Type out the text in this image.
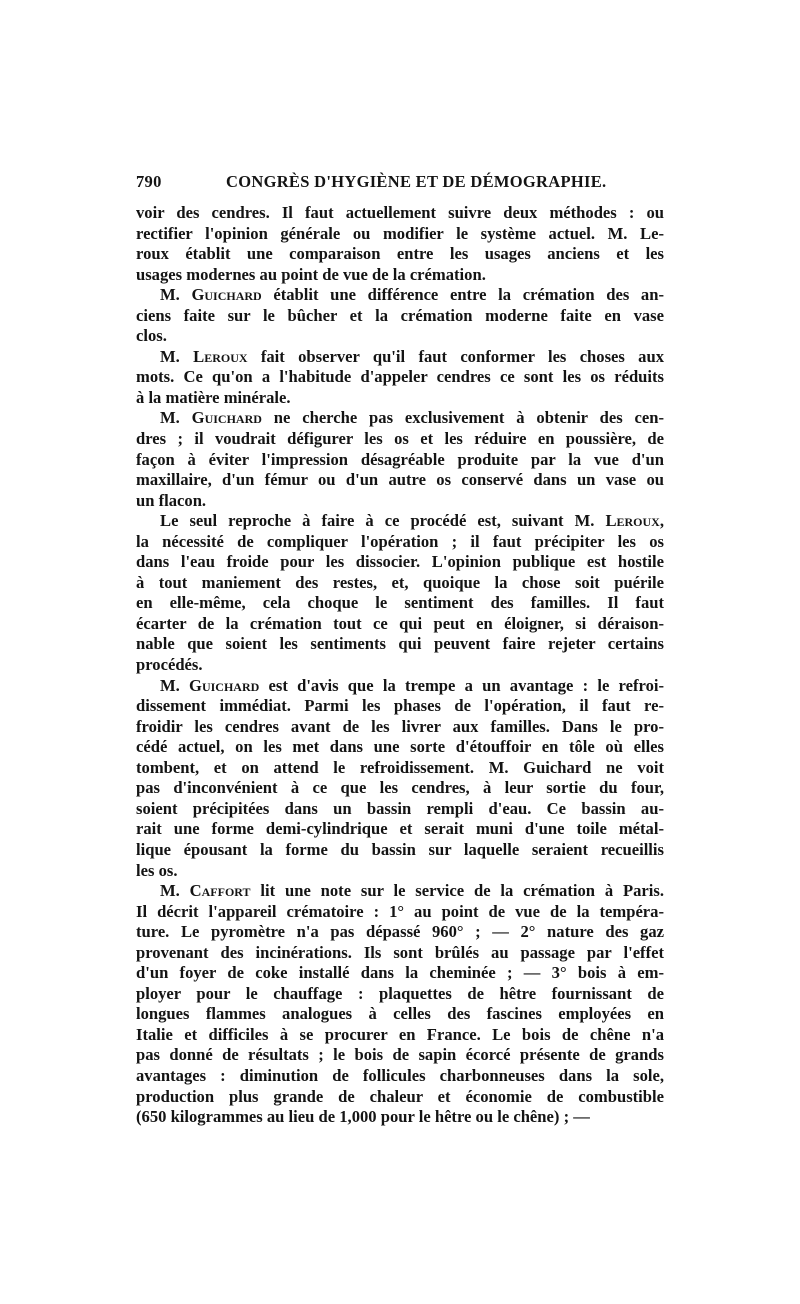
790	CONGRÈS D'HYGIÈNE ET DE DÉMOGRAPHIE.

voir des cendres. Il faut actuellement suivre deux méthodes : ou
rectifier l'opinion générale ou modifier le système actuel. M. Le-
roux établit une comparaison entre les usages anciens et les
usages modernes au point de vue de la crémation.

M. Guichard établit une différence entre la crémation des an-
ciens faite sur le bûcher et la crémation moderne faite en vase
clos.

M. Leroux fait observer qu'il faut conformer les choses aux
mots. Ce qu'on a l'habitude d'appeler cendres ce sont les os réduits
à la matière minérale.

M. Guichard ne cherche pas exclusivement à obtenir des cen-
dres ; il voudrait défigurer les os et les réduire en poussière, de
façon à éviter l'impression désagréable produite par la vue d'un
maxillaire, d'un fémur ou d'un autre os conservé dans un vase ou
un flacon.

Le seul reproche à faire à ce procédé est, suivant M. Leroux,
la nécessité de compliquer l'opération ; il faut précipiter les os
dans l'eau froide pour les dissocier. L'opinion publique est hostile
à tout maniement des restes, et, quoique la chose soit puérile
en elle-même, cela choque le sentiment des familles. Il faut
écarter de la crémation tout ce qui peut en éloigner, si déraison-
nable que soient les sentiments qui peuvent faire rejeter certains
procédés.

M. Guichard est d'avis que la trempe a un avantage : le refroi-
dissement immédiat. Parmi les phases de l'opération, il faut re-
froidir les cendres avant de les livrer aux familles. Dans le pro-
cédé actuel, on les met dans une sorte d'étouffoir en tôle où elles
tombent, et on attend le refroidissement. M. Guichard ne voit
pas d'inconvénient à ce que les cendres, à leur sortie du four,
soient précipitées dans un bassin rempli d'eau. Ce bassin au-
rait une forme demi-cylindrique et serait muni d'une toile métal-
lique épousant la forme du bassin sur laquelle seraient recueillis
les os.

M. Caffort lit une note sur le service de la crémation à Paris.
Il décrit l'appareil crématoire : 1° au point de vue de la tempéra-
ture. Le pyromètre n'a pas dépassé 960° ; — 2° nature des gaz
provenant des incinérations. Ils sont brûlés au passage par l'effet
d'un foyer de coke installé dans la cheminée ; — 3° bois à em-
ployer pour le chauffage : plaquettes de hêtre fournissant de
longues flammes analogues à celles des fascines employées en
Italie et difficiles à se procurer en France. Le bois de chêne n'a
pas donné de résultats ; le bois de sapin écorcé présente de grands
avantages : diminution de follicules charbonneuses dans la sole,
production plus grande de chaleur et économie de combustible
(650 kilogrammes au lieu de 1,000 pour le hêtre ou le chêne) ; —
